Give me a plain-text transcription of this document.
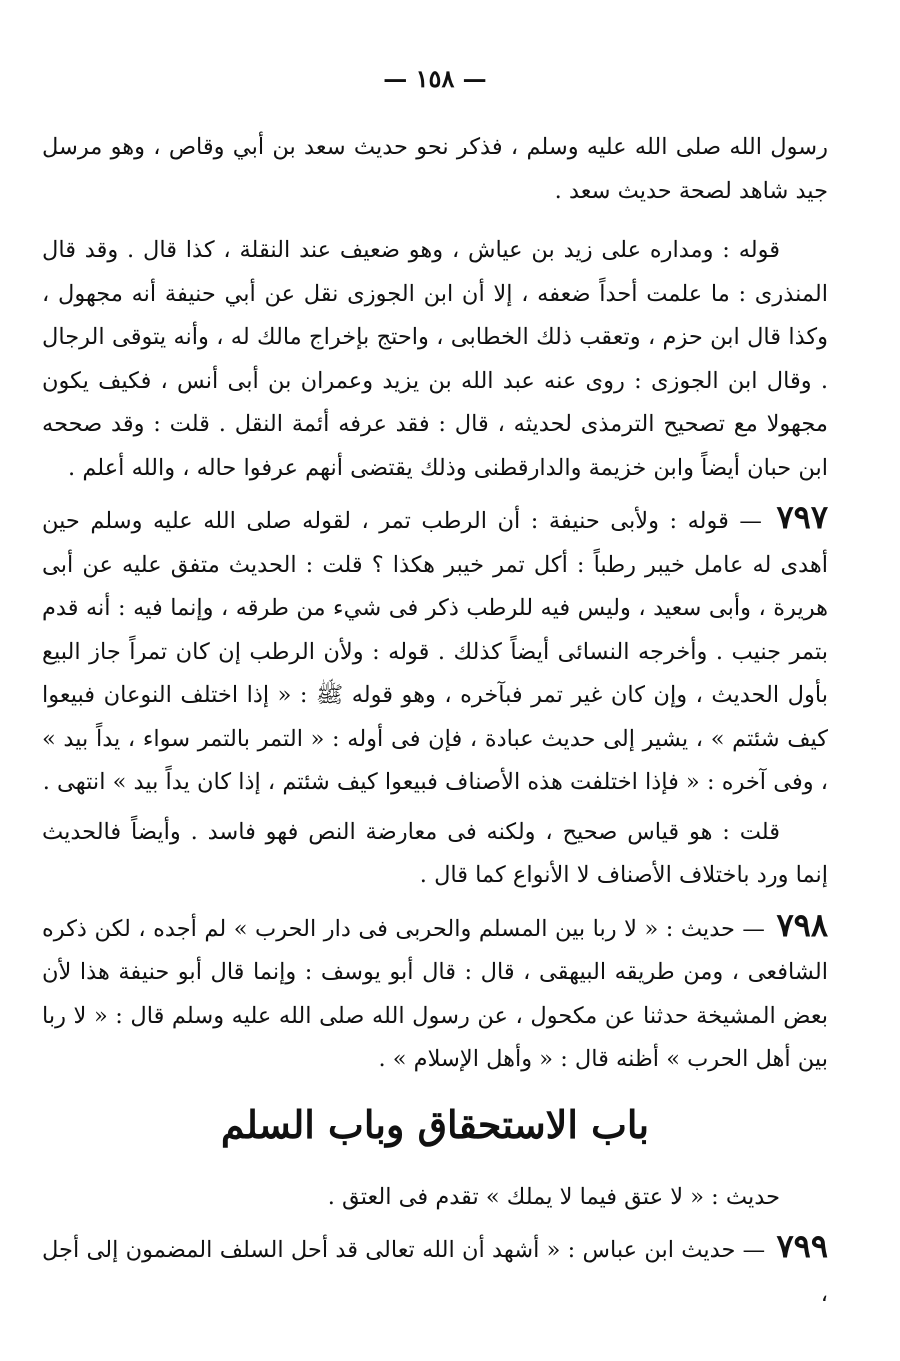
— ١٥٨ —

رسول الله صلى الله عليه وسلم ، فذكر نحو حديث سعد بن أبي وقاص ، وهو مرسل جيد شاهد لصحة حديث سعد .

قوله : ومداره على زيد بن عياش ، وهو ضعيف عند النقلة ، كذا قال . وقد قال المنذرى : ما علمت أحداً ضعفه ، إلا أن ابن الجوزى نقل عن أبي حنيفة أنه مجهول ، وكذا قال ابن حزم ، وتعقب ذلك الخطابى ، واحتج بإخراج مالك له ، وأنه يتوقى الرجال . وقال ابن الجوزى : روى عنه عبد الله بن يزيد وعمران بن أبى أنس ، فكيف يكون مجهولا مع تصحيح الترمذى لحديثه ، قال : فقد عرفه أئمة النقل . قلت : وقد صححه ابن حبان أيضاً وابن خزيمة والدارقطنى وذلك يقتضى أنهم عرفوا حاله ، والله أعلم .

٧٩٧ — قوله : ولأبى حنيفة : أن الرطب تمر ، لقوله صلى الله عليه وسلم حين أهدى له عامل خيبر رطباً : أكل تمر خيبر هكذا ؟ قلت : الحديث متفق عليه عن أبى هريرة ، وأبى سعيد ، وليس فيه للرطب ذكر فى شيء من طرقه ، وإنما فيه : أنه قدم بتمر جنيب . وأخرجه النسائى أيضاً كذلك . قوله : ولأن الرطب إن كان تمراً جاز البيع بأول الحديث ، وإن كان غير تمر فبآخره ، وهو قوله ﷺ : « إذا اختلف النوعان فبيعوا كيف شئتم » ، يشير إلى حديث عبادة ، فإن فى أوله : « التمر بالتمر سواء ، يداً بيد » ، وفى آخره : « فإذا اختلفت هذه الأصناف فبيعوا كيف شئتم ، إذا كان يداً بيد » انتهى .

قلت : هو قياس صحيح ، ولكنه فى معارضة النص فهو فاسد . وأيضاً فالحديث إنما ورد باختلاف الأصناف لا الأنواع كما قال .

٧٩٨ — حديث : « لا ربا بين المسلم والحربى فى دار الحرب » لم أجده ، لكن ذكره الشافعى ، ومن طريقه البيهقى ، قال : قال أبو يوسف : وإنما قال أبو حنيفة هذا لأن بعض المشيخة حدثنا عن مكحول ، عن رسول الله صلى الله عليه وسلم قال : « لا ربا بين أهل الحرب » أظنه قال : « وأهل الإسلام » .

باب الاستحقاق وباب السلم

حديث : « لا عتق فيما لا يملك » تقدم فى العتق .

٧٩٩ — حديث ابن عباس : « أشهد أن الله تعالى قد أحل السلف المضمون إلى أجل ،
